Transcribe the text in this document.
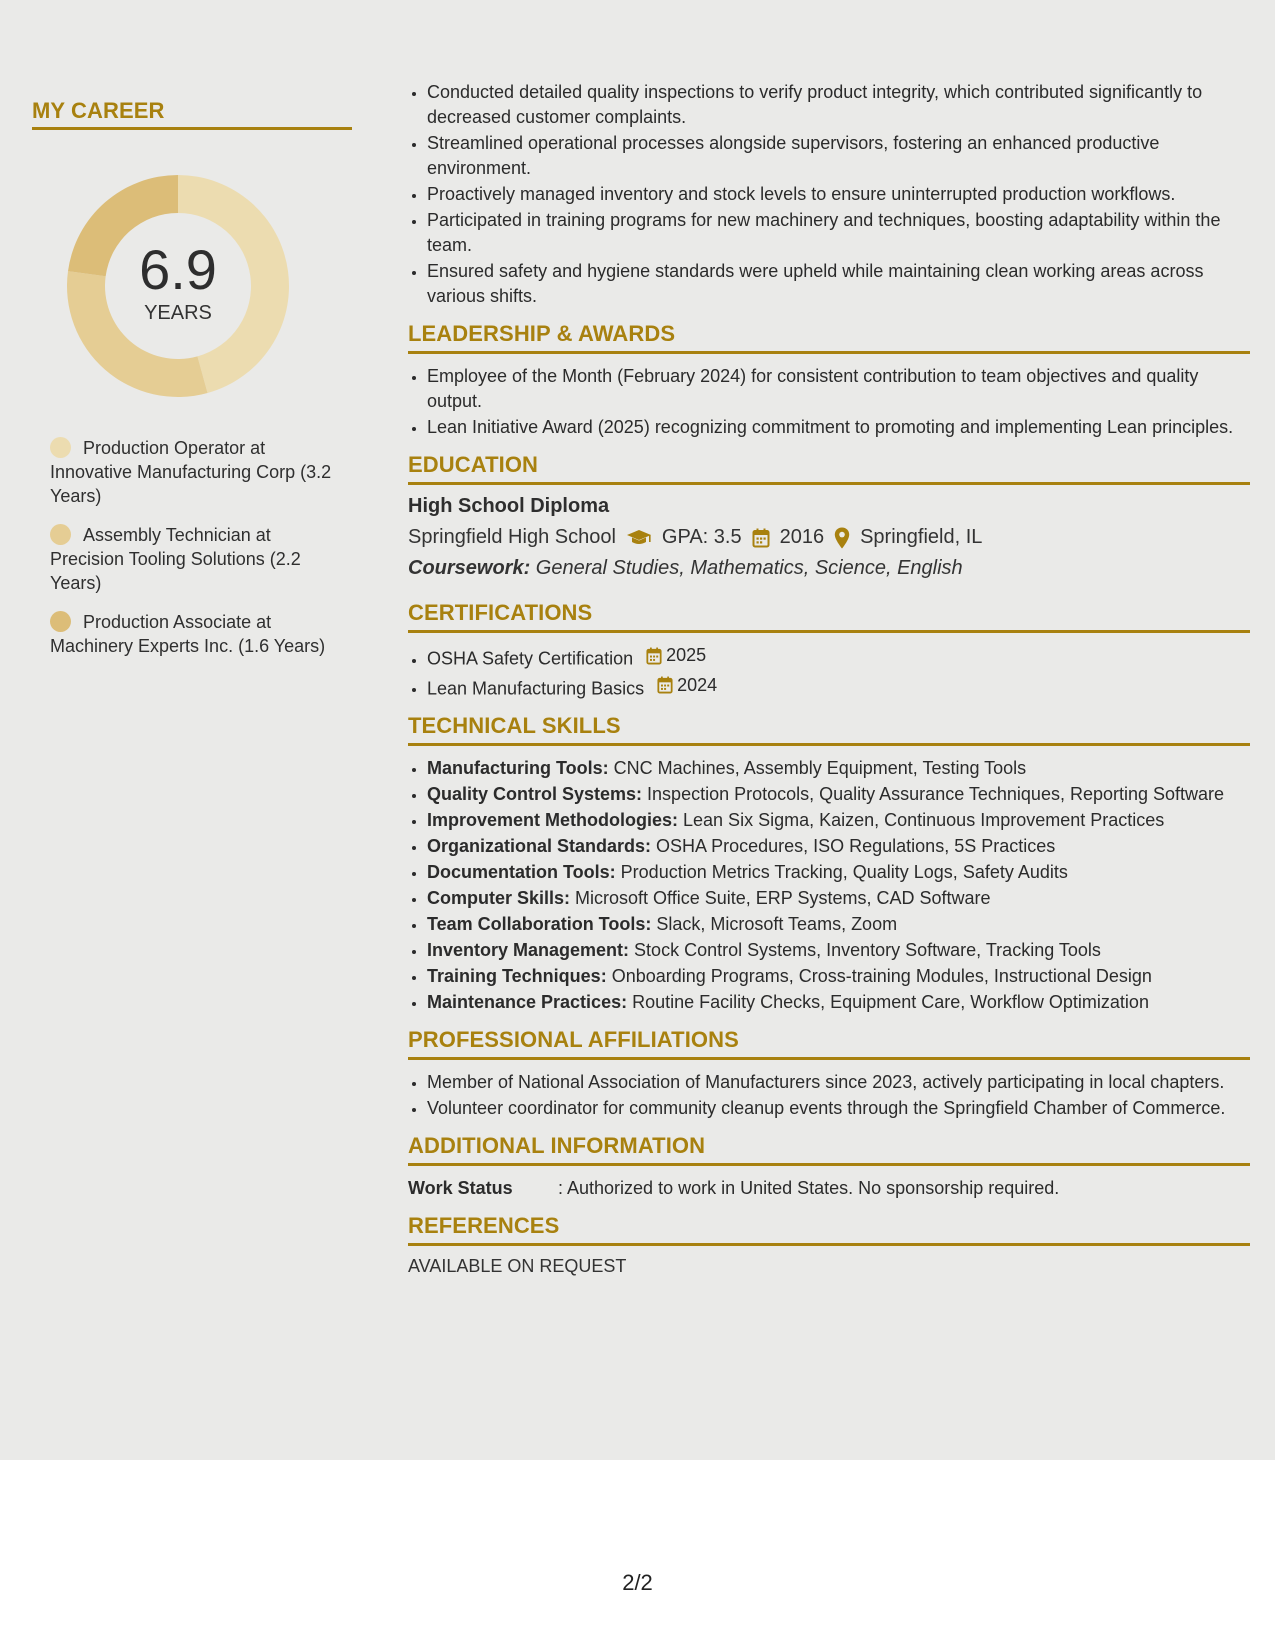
MY CAREER
6.9
YEARS
Production Operator at Innovative Manufacturing Corp (3.2 Years)
Assembly Technician at Precision Tooling Solutions (2.2 Years)
Production Associate at Machinery Experts Inc. (1.6 Years)
• Conducted detailed quality inspections to verify product integrity, which contributed significantly to decreased customer complaints.
• Streamlined operational processes alongside supervisors, fostering an enhanced productive environment.
• Proactively managed inventory and stock levels to ensure uninterrupted production workflows.
• Participated in training programs for new machinery and techniques, boosting adaptability within the team.
• Ensured safety and hygiene standards were upheld while maintaining clean working areas across various shifts.
LEADERSHIP & AWARDS
• Employee of the Month (February 2024) for consistent contribution to team objectives and quality output.
• Lean Initiative Award (2025) recognizing commitment to promoting and implementing Lean principles.
EDUCATION
High School Diploma
Springfield High School GPA: 3.5 2016 Springfield, IL
Coursework: General Studies, Mathematics, Science, English
CERTIFICATIONS
• OSHA Safety Certification 2025
• Lean Manufacturing Basics 2024
TECHNICAL SKILLS
• Manufacturing Tools: CNC Machines, Assembly Equipment, Testing Tools
• Quality Control Systems: Inspection Protocols, Quality Assurance Techniques, Reporting Software
• Improvement Methodologies: Lean Six Sigma, Kaizen, Continuous Improvement Practices
• Organizational Standards: OSHA Procedures, ISO Regulations, 5S Practices
• Documentation Tools: Production Metrics Tracking, Quality Logs, Safety Audits
• Computer Skills: Microsoft Office Suite, ERP Systems, CAD Software
• Team Collaboration Tools: Slack, Microsoft Teams, Zoom
• Inventory Management: Stock Control Systems, Inventory Software, Tracking Tools
• Training Techniques: Onboarding Programs, Cross-training Modules, Instructional Design
• Maintenance Practices: Routine Facility Checks, Equipment Care, Workflow Optimization
PROFESSIONAL AFFILIATIONS
• Member of National Association of Manufacturers since 2023, actively participating in local chapters.
• Volunteer coordinator for community cleanup events through the Springfield Chamber of Commerce.
ADDITIONAL INFORMATION
Work Status	: Authorized to work in United States. No sponsorship required.
REFERENCES
AVAILABLE ON REQUEST
2/2
